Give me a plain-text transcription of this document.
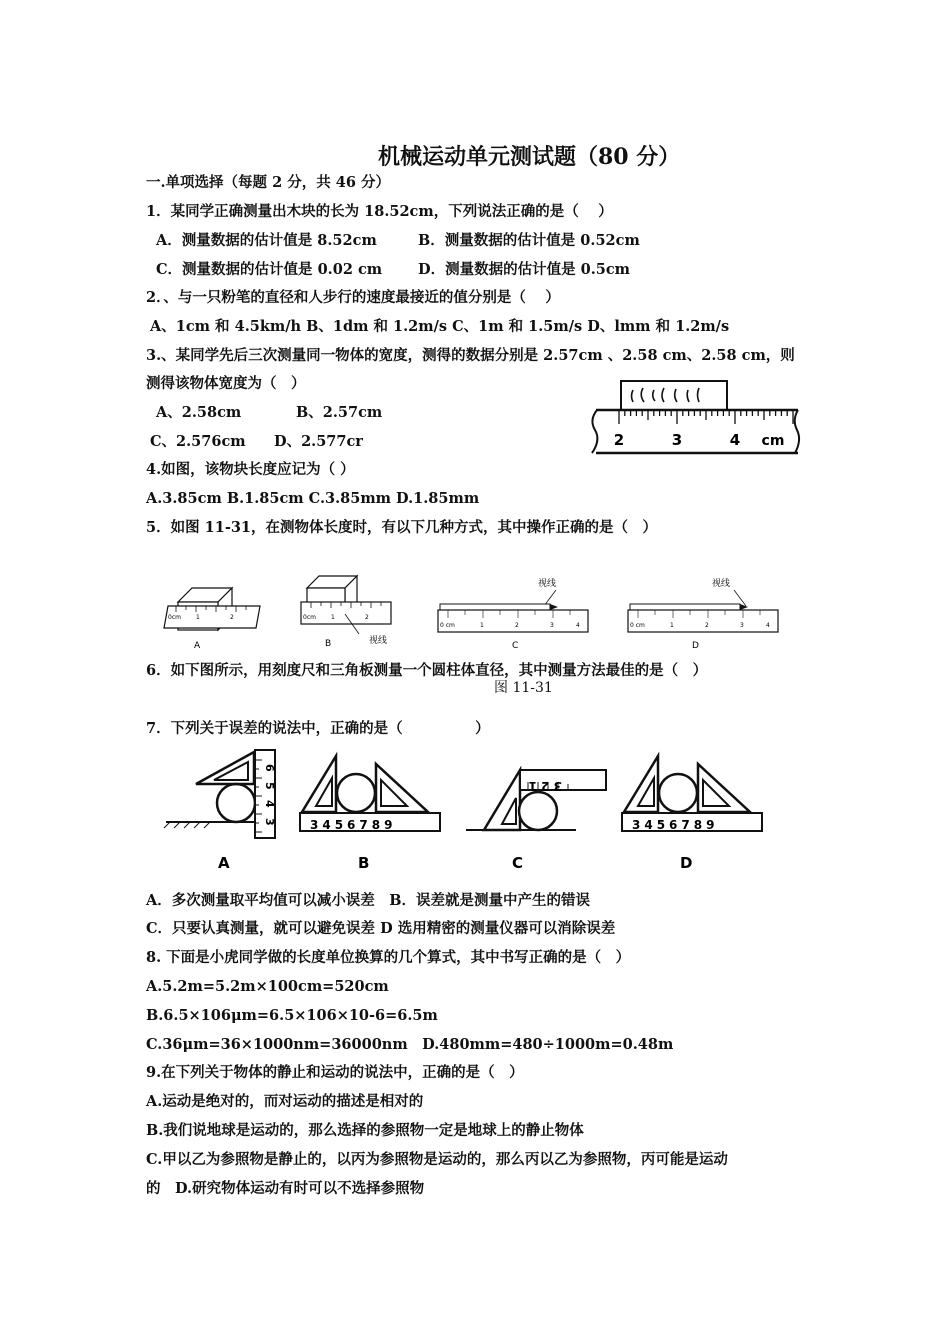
机械运动单元测试题（80 分）
一.单项选择（每题 2 分，共 46 分）
1．某同学正确测量出木块的长为 18.52cm，下列说法正确的是（　 ）
A．测量数据的估计值是 8.52cm	B．测量数据的估计值是 0.52cm
C．测量数据的估计值是 0.02 cm D．测量数据的估计值是 0.5cm
2．、与一只粉笔的直径和人步行的速度最接近的值分别是（　 ）
A、1cm 和 4.5km/h B、1dm 和 1.2m/s C、1m 和 1.5m/s D、lmm 和 1.2m/s
3.、某同学先后三次测量同一物体的宽度，测得的数据分别是 2.57cm 、2.58 cm、2.58 cm，则
测得该物体宽度为（　）
A、2.58cm	B、2.57cm
C、2.576cm D、2.577cr	2	3	4 cm
4.如图，该物块长度应记为（ ）
A.3.85cm B.1.85cm C.3.85mm D.1.85mm
5．如图 11-31，在测物体长度时，有以下几种方式，其中操作正确的是（　）
0cm	1	2
A
0cm	1	2
视线
B
视线
0 cm	1	2	3	4
C
视线
0 cm	1	2	3	4
D
6．如下图所示，用刻度尺和三角板测量一个圆柱体直径，其中测量方法最佳的是（　）
图 11-31
7．下列关于误差的说法中，正确的是（　　　　　）
6
5
4
3
A
3456789
B
3 2 1
C
3456789
D
A．多次测量取平均值可以减小误差　B．误差就是测量中产生的错误
C．只要认真测量，就可以避免误差 D 选用精密的测量仪器可以消除误差
8. 下面是小虎同学做的长度单位换算的几个算式，其中书写正确的是（　）
A.5.2m=5.2m×100cm=520cm
B.6.5×106μm=6.5×106×10-6=6.5m
C.36μm=36×1000nm=36000nm　D.480mm=480÷1000m=0.48m
9.在下列关于物体的静止和运动的说法中，正确的是（　）
A.运动是绝对的，而对运动的描述是相对的
B.我们说地球是运动的，那么选择的参照物一定是地球上的静止物体
C.甲以乙为参照物是静止的，以丙为参照物是运动的，那么丙以乙为参照物，丙可能是运动
的　D.研究物体运动有时可以不选择参照物
